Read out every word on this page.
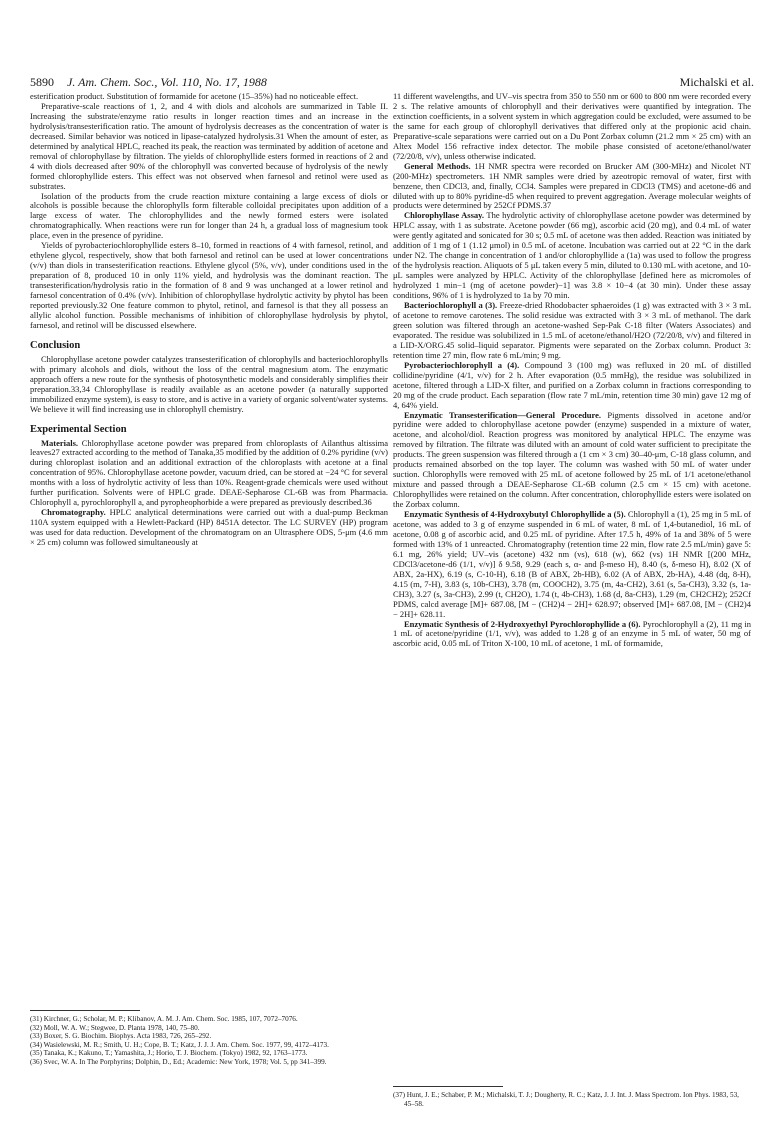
5890 J. Am. Chem. Soc., Vol. 110, No. 17, 1988	Michalski et al.

esterification product. Substitution of formamide for acetone (15–35%) had no noticeable effect.

Preparative-scale reactions of 1, 2, and 4 with diols and alcohols are summarized in Table II. Increasing the substrate/enzyme ratio results in longer reaction times and an increase in the hydrolysis/transesterification ratio. The amount of hydrolysis decreases as the concentration of water is decreased. Similar behavior was noticed in lipase-catalyzed hydrolysis.31 When the amount of ester, as determined by analytical HPLC, reached its peak, the reaction was terminated by addition of acetone and removal of chlorophyllase by filtration. The yields of chlorophyllide esters formed in reactions of 2 and 4 with diols decreased after 90% of the chlorophyll was converted because of hydrolysis of the newly formed chlorophyllide esters. This effect was not observed when farnesol and retinol were used as substrates.

Isolation of the products from the crude reaction mixture containing a large excess of diols or alcohols is possible because the chlorophylls form filterable colloidal precipitates upon addition of a large excess of water. The chlorophyllides and the newly formed esters were isolated chromatographically. When reactions were run for longer than 24 h, a gradual loss of magnesium took place, even in the presence of pyridine.

Yields of pyrobacteriochlorophyllide esters 8–10, formed in reactions of 4 with farnesol, retinol, and ethylene glycol, respectively, show that both farnesol and retinol can be used at lower concentrations (v/v) than diols in transesterification reactions. Ethylene glycol (5%, v/v), under conditions used in the preparation of 8, produced 10 in only 11% yield, and hydrolysis was the dominant reaction. The transesterification/hydrolysis ratio in the formation of 8 and 9 was unchanged at a lower retinol and farnesol concentration of 0.4% (v/v). Inhibition of chlorophyllase hydrolytic activity by phytol has been reported previously.32 One feature common to phytol, retinol, and farnesol is that they all possess an allylic alcohol function. Possible mechanisms of inhibition of chlorophyllase hydrolysis by phytol, farnesol, and retinol will be discussed elsewhere.

Conclusion

Chlorophyllase acetone powder catalyzes transesterification of chlorophylls and bacteriochlorophylls with primary alcohols and diols, without the loss of the central magnesium atom. The enzymatic approach offers a new route for the synthesis of photosynthetic models and considerably simplifies their preparation.33,34 Chlorophyllase is readily available as an acetone powder (a naturally supported immobilized enzyme system), is easy to store, and is active in a variety of organic solvent/water systems. We believe it will find increasing use in chlorophyll chemistry.

Experimental Section

Materials. Chlorophyllase acetone powder was prepared from chloroplasts of Ailanthus altissima leaves27 extracted according to the method of Tanaka,35 modified by the addition of 0.2% pyridine (v/v) during chloroplast isolation and an additional extraction of the chloroplasts with acetone at a final concentration of 95%. Chlorophyllase acetone powder, vacuum dried, can be stored at −24 °C for several months with a loss of hydrolytic activity of less than 10%. Reagent-grade chemicals were used without further purification. Solvents were of HPLC grade. DEAE-Sepharose CL-6B was from Pharmacia. Chlorophyll a, pyrochlorophyll a, and pyropheophorbide a were prepared as previously described.36

Chromatography. HPLC analytical determinations were carried out with a dual-pump Beckman 110A system equipped with a Hewlett-Packard (HP) 8451A detector. The LC SURVEY (HP) program was used for data reduction. Development of the chromatogram on an Ultrasphere ODS, 5-μm (4.6 mm × 25 cm) column was followed simultaneously at

11 different wavelengths, and UV–vis spectra from 350 to 550 nm or 600 to 800 nm were recorded every 2 s. The relative amounts of chlorophyll and their derivatives were quantified by integration. The extinction coefficients, in a solvent system in which aggregation could be excluded, were assumed to be the same for each group of chlorophyll derivatives that differed only at the propionic acid chain. Preparative-scale separations were carried out on a Du Pont Zorbax column (21.2 mm × 25 cm) with an Altex Model 156 refractive index detector. The mobile phase consisted of acetone/ethanol/water (72/20/8, v/v), unless otherwise indicated.

General Methods. 1H NMR spectra were recorded on Brucker AM (300-MHz) and Nicolet NT (200-MHz) spectrometers. 1H NMR samples were dried by azeotropic removal of water, first with benzene, then CDCl3, and, finally, CCl4. Samples were prepared in CDCl3 (TMS) and acetone-d6 and diluted with up to 80% pyridine-d5 when required to prevent aggregation. Average molecular weights of products were determined by 252Cf PDMS.37

Chlorophyllase Assay. The hydrolytic activity of chlorophyllase acetone powder was determined by HPLC assay, with 1 as substrate. Acetone powder (66 mg), ascorbic acid (20 mg), and 0.4 mL of water were gently agitated and sonicated for 30 s; 0.5 mL of acetone was then added. Reaction was initiated by addition of 1 mg of 1 (1.12 μmol) in 0.5 mL of acetone. Incubation was carried out at 22 °C in the dark under N2. The change in concentration of 1 and/or chlorophyllide a (1a) was used to follow the progress of the hydrolysis reaction. Aliquots of 5 μL taken every 5 min, diluted to 0.130 mL with acetone, and 10-μL samples were analyzed by HPLC. Activity of the chlorophyllase [defined here as micromoles of hydrolyzed 1 min−1 (mg of acetone powder)−1] was 3.8 × 10−4 (at 30 min). Under these assay conditions, 96% of 1 is hydrolyzed to 1a by 70 min.

Bacteriochlorophyll a (3). Freeze-dried Rhodobacter sphaeroides (1 g) was extracted with 3 × 3 mL of acetone to remove carotenes. The solid residue was extracted with 3 × 3 mL of methanol. The dark green solution was filtered through an acetone-washed Sep-Pak C-18 filter (Waters Associates) and evaporated. The residue was solubilized in 1.5 mL of acetone/ethanol/H2O (72/20/8, v/v) and filtered in a LID-X/ORG.45 solid–liquid separator. Pigments were separated on the Zorbax column. Product 3: retention time 27 min, flow rate 6 mL/min; 9 mg.

Pyrobacteriochlorophyll a (4). Compound 3 (100 mg) was refluxed in 20 mL of distilled collidine/pyridine (4/1, v/v) for 2 h. After evaporation (0.5 mmHg), the residue was solubilized in acetone, filtered through a LID-X filter, and purified on a Zorbax column in fractions corresponding to 20 mg of the crude product. Each separation (flow rate 7 mL/min, retention time 30 min) gave 12 mg of 4, 64% yield.

Enzymatic Transesterification—General Procedure. Pigments dissolved in acetone and/or pyridine were added to chlorophyllase acetone powder (enzyme) suspended in a mixture of water, acetone, and alcohol/diol. Reaction progress was monitored by analytical HPLC. The enzyme was removed by filtration. The filtrate was diluted with an amount of cold water sufficient to precipitate the products. The green suspension was filtered through a (1 cm × 3 cm) 30–40-μm, C-18 glass column, and products remained absorbed on the top layer. The column was washed with 50 mL of water under suction. Chlorophylls were removed with 25 mL of acetone followed by 25 mL of 1/1 acetone/ethanol mixture and passed through a DEAE-Sepharose CL-6B column (2.5 cm × 15 cm) with acetone. Chlorophyllides were retained on the column. After concentration, chlorophyllide esters were isolated on the Zorbax column.

Enzymatic Synthesis of 4-Hydroxybutyl Chlorophyllide a (5). Chlorophyll a (1), 25 mg in 5 mL of acetone, was added to 3 g of enzyme suspended in 6 mL of water, 8 mL of 1,4-butanediol, 16 mL of acetone, 0.08 g of ascorbic acid, and 0.25 mL of pyridine. After 17.5 h, 49% of 1a and 38% of 5 were formed with 13% of 1 unreacted. Chromatography (retention time 22 min, flow rate 2.5 mL/min) gave 5: 6.1 mg, 26% yield; UV–vis (acetone) 432 nm (vs), 618 (w), 662 (vs) 1H NMR [(200 MHz, CDCl3/acetone-d6 (1/1, v/v)] δ 9.58, 9.29 (each s, α- and β-meso H), 8.40 (s, δ-meso H), 8.02 (X of ABX, 2a-HX), 6.19 (s, C-10-H), 6.18 (B of ABX, 2b-HB), 6.02 (A of ABX, 2b-HA), 4.48 (dq, 8-H), 4.15 (m, 7-H), 3.83 (s, 10b-CH3), 3.78 (m, COOCH2), 3.75 (m, 4a-CH2), 3.61 (s, 5a-CH3), 3.32 (s, 1a-CH3), 3.27 (s, 3a-CH3), 2.99 (t, CH2O), 1.74 (t, 4b-CH3), 1.68 (d, 8a-CH3), 1.29 (m, CH2CH2); 252Cf PDMS, calcd average [M]+ 687.08, [M − (CH2)4 − 2H]+ 628.97; observed [M]+ 687.08, [M − (CH2)4 − 2H]+ 628.11.

Enzymatic Synthesis of 2-Hydroxyethyl Pyrochlorophyllide a (6). Pyrochlorophyll a (2), 11 mg in 1 mL of acetone/pyridine (1/1, v/v), was added to 1.28 g of an enzyme in 5 mL of water, 50 mg of ascorbic acid, 0.05 mL of Triton X-100, 10 mL of acetone, 1 mL of formamide,

(31) Kirchner, G.; Scholar, M. P.; Klibanov, A. M. J. Am. Chem. Soc. 1985, 107, 7072–7076.

(32) Moll, W. A. W.; Stegwee, D. Planta 1978, 140, 75–80.

(33) Boxer, S. G. Biochim. Biophys. Acta 1983, 726, 265–292.

(34) Wasielewski, M. R.; Smith, U. H.; Cope, B. T.; Katz, J. J. J. Am. Chem. Soc. 1977, 99, 4172–4173.

(35) Tanaka, K.; Kakuno, T.; Yamashita, J.; Horio, T. J. Biochem. (Tokyo) 1982, 92, 1763–1773.

(36) Svec, W. A. In The Porphyrins; Dolphin, D., Ed.; Academic: New York, 1978; Vol. 5, pp 341–399.

(37) Hunt, J. E.; Schaber, P. M.; Michalski, T. J.; Dougherty, R. C.; Katz, J. J. Int. J. Mass Spectrom. Ion Phys. 1983, 53, 45–58.
